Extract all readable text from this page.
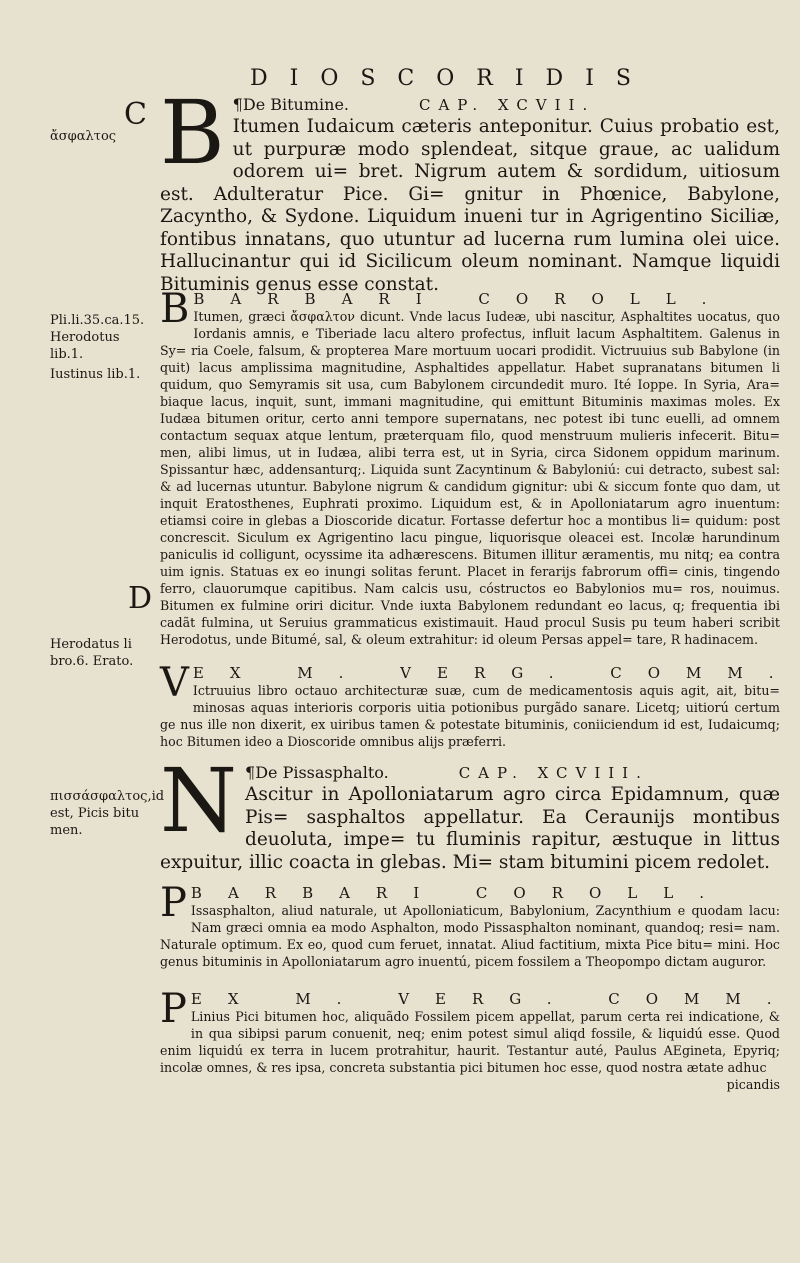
DIOSCORIDIS
C
ἄσφαλτος
Pli.li.35.ca.15.
Herodotus lib.1.
Iustinus lib.1.
D
Herodatus li bro.6. Erato.
πισσάσφαλτος,id
est, Picis bitu men.
B ¶De Bitumine.	CAP. XCVII.
Itumen Iudaicum cæteris anteponitur. Cuius probatio est, ut purpuræ modo splendeat, sitque graue, ac ualidum odorem ui= bret. Nigrum autem & sordidum, uitiosum est. Adulteratur Pice. Gi= gnitur in Phœnice, Babylone, Zacyntho, & Sydone. Liquidum inueni tur in Agrigentino Siciliæ, fontibus innatans, quo utuntur ad lucerna rum lumina olei uice. Hallucinantur qui id Sicilicum oleum nominant. Namque liquidi Bituminis genus esse constat.
B BARBARI COROLL.
Itumen, græci ἄσφαλτον dicunt. Vnde lacus Iudeæ, ubi nascitur, Asphaltites uocatus, quo Iordanis amnis, e Tiberiade lacu altero profectus, influit lacum Asphaltitem. Galenus in Sy= ria Coele, falsum, & propterea Mare mortuum uocari prodidit. Victruuius sub Babylone (in quit) lacus amplissima magnitudine, Asphaltides appellatur. Habet supranatans bitumen li quidum, quo Semyramis sit usa, cum Babylonem circundedit muro. Ité Ioppe. In Syria, Ara= biaque lacus, inquit, sunt, immani magnitudine, qui emittunt Bituminis maximas moles. Ex Iudæa bitumen oritur, certo anni tempore supernatans, nec potest ibi tunc euelli, ad omnem contactum sequax atque lentum, præterquam filo, quod menstruum mulieris infecerit. Bitu= men, alibi limus, ut in Iudæa, alibi terra est, ut in Syria, circa Sidonem oppidum marinum. Spissantur hæc, addensanturq;. Liquida sunt Zacyntinum & Babyloniú: cui detracto, subest sal: & ad lucernas utuntur. Babylone nigrum & candidum gignitur: ubi & siccum fonte quo dam, ut inquit Eratosthenes, Euphrati proximo. Liquidum est, & in Apolloniatarum agro inuentum: etiamsi coire in glebas a Dioscoride dicatur. Fortasse defertur hoc a montibus li= quidum: post concrescit. Siculum ex Agrigentino lacu pingue, liquorisque oleacei est. Incolæ harundinum paniculis id colligunt, ocyssime ita adhærescens. Bitumen illitur æramentis, mu nitq; ea contra uim ignis. Statuas ex eo inungi solitas ferunt. Placet in ferarijs fabrorum offi= cinis, tingendo ferro, clauorumque capitibus. Nam calcis usu, cóstructos eo Babylonios mu= ros, nouimus. Bitumen ex fulmine oriri dicitur. Vnde iuxta Babylonem redundant eo lacus, q; frequentia ibi cadãt fulmina, ut Seruius grammaticus existimauit. Haud procul Susis pu teum haberi scribit Herodotus, unde Bitumé, sal, & oleum extrahitur: id oleum Persas appel= tare, R hadinacem.
V EX M. VERG. COMM.
Ictruuius libro octauo architecturæ suæ, cum de medicamentosis aquis agit, ait, bitu= minosas aquas interioris corporis uitia potionibus purgãdo sanare. Licetq; uitiorú certum ge nus ille non dixerit, ex uiribus tamen & potestate bituminis, coniiciendum id est, Iudaicumq; hoc Bitumen ideo a Dioscoride omnibus alijs præferri.
N ¶De Pissasphalto.	CAP. XCVIII.
Ascitur in Apolloniatarum agro circa Epidamnum, quæ Pis= sasphaltos appellatur. Ea Ceraunijs montibus deuoluta, impe= tu fluminis rapitur, æstuque in littus expuitur, illic coacta in glebas. Mi= stam bitumini picem redolet.
P BARBARI COROLL.
Issasphalton, aliud naturale, ut Apolloniaticum, Babylonium, Zacynthium e quodam lacu: Nam græci omnia ea modo Asphalton, modo Pissasphalton nominant, quandoq; resi= nam. Naturale optimum. Ex eo, quod cum feruet, innatat. Aliud factitium, mixta Pice bitu= mini. Hoc genus bituminis in Apolloniatarum agro inuentú, picem fossilem a Theopompo dictam auguror.
P EX M. VERG. COMM.
Linius Pici bitumen hoc, aliquãdo Fossilem picem appellat, parum certa rei indicatione, & in qua sibipsi parum conuenit, neq; enim potest simul aliqd fossile, & liquidú esse. Quod enim liquidú ex terra in lucem protrahitur, haurit. Testantur auté, Paulus AEgineta, Epyriq; incolæ omnes, & res ipsa, concreta substantia pici bitumen hoc esse, quod nostra ætate adhuc
picandis
